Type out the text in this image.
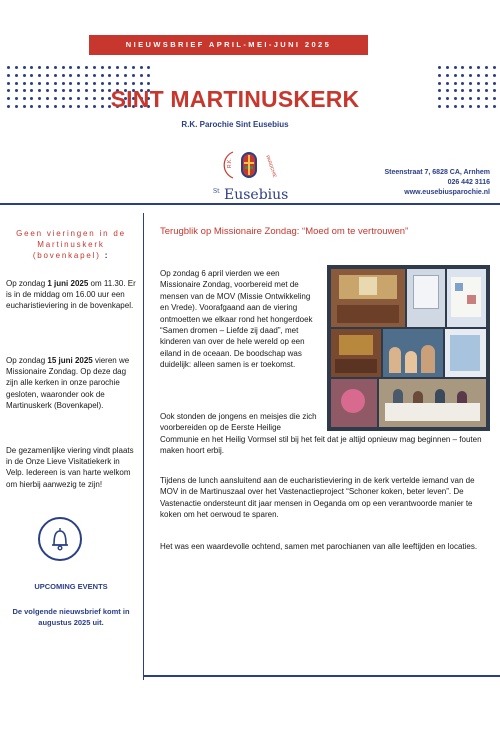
NIEUWSBRIEF APRIL-MEI-JUNI 2025
SINT MARTINUSKERK
R.K. Parochie Sint Eusebius
R.K.	PAROCHIE
St Eusebius
Steenstraat 7, 6828 CA, Arnhem
026 442 3116
www.eusebiusparochie.nl
Geen vieringen in de Martinuskerk (bovenkapel) :
Op zondag 1 juni 2025 om 11.30. Er is in de middag om 16.00 uur een eucharistieviering in de bovenkapel.
Op zondag 15 juni 2025 vieren we Missionaire Zondag. Op deze dag zijn alle kerken in onze parochie gesloten, waaronder ook de Martinuskerk (Bovenkapel).
De gezamenlijke viering vindt plaats in de Onze Lieve Visitatiekerk in Velp. Iedereen is van harte welkom om hierbij aanwezig te zijn!
UPCOMING EVENTS
De volgende nieuwsbrief komt in augustus 2025 uit.
Terugblik op Missionaire Zondag: “Moed om te vertrouwen”
Op zondag 6 april vierden we een Missionaire Zondag, voorbereid met de mensen van de MOV (Missie Ontwikkeling en Vrede). Voorafgaand aan de viering ontmoetten we elkaar rond het hongerdoek “Samen dromen – Liefde zij daad”, met kinderen van over de hele wereld op een eiland in de oceaan. De boodschap was duidelijk: alleen samen is er toekomst.
Ook stonden de jongens en meisjes die zich voorbereiden op de Eerste Heilige
Communie en het Heilig Vormsel stil bij het feit dat je altijd opnieuw mag beginnen – fouten maken hoort erbij.
Tijdens de lunch aansluitend aan de eucharistieviering in de kerk vertelde iemand van de MOV in de Martinuszaal over het Vastenactieproject “Schoner koken, beter leven”. De Vastenactie ondersteunt dit jaar mensen in Oeganda om op een verantwoorde manier te koken om het oerwoud te sparen.
Het was een waardevolle ochtend, samen met parochianen van alle leeftijden en locaties.
